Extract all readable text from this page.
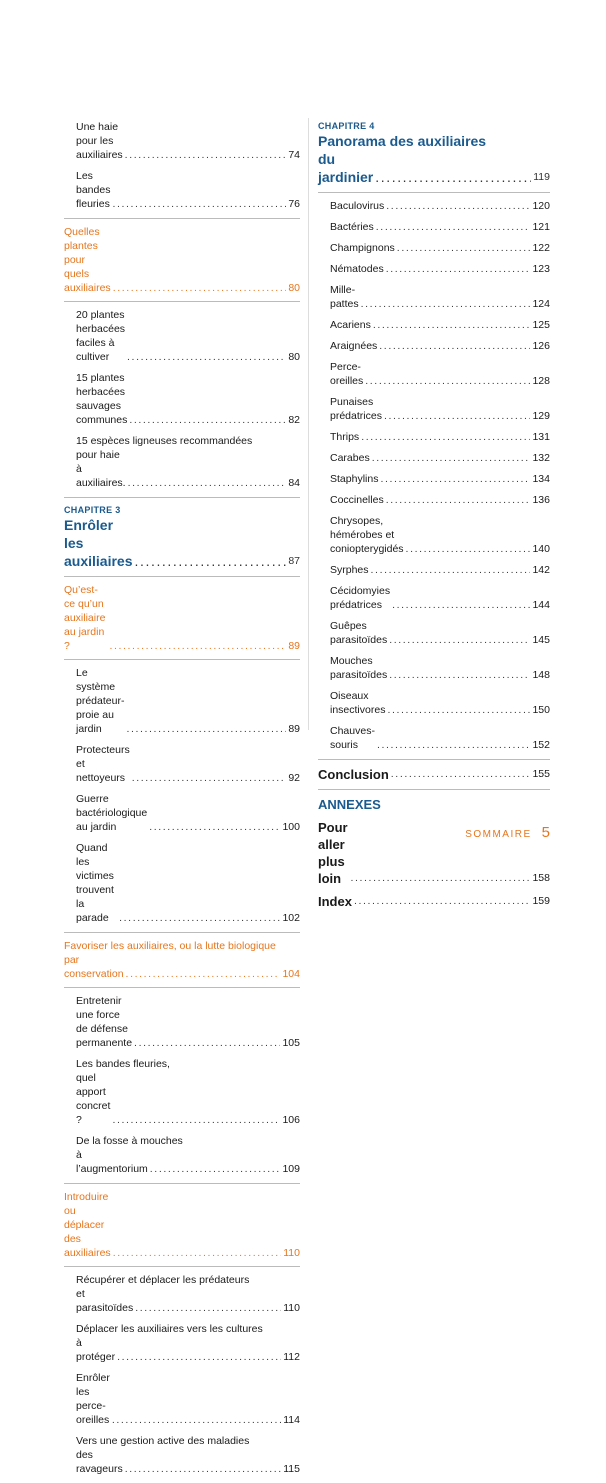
Une haie pour les auxiliaires .....	74
Les bandes fleuries .....	76
Quelles plantes pour quels auxiliaires .....	80
20 plantes herbacées faciles à cultiver .....	80
15 plantes herbacées sauvages communes .....	82
15 espèces ligneuses recommandées
pour haie à auxiliaires. .....	84
CHAPITRE 3
Enrôler les auxiliaires .....	87
Qu’est-ce qu’un auxiliaire au jardin ? .....	89
Le système prédateur-proie au jardin .....	89
Protecteurs et nettoyeurs .....	92
Guerre bactériologique au jardin .....	100
Quand les victimes trouvent la parade .....	102
Favoriser les auxiliaires, ou la lutte biologique
par conservation .....	104
Entretenir une force de défense permanente .....	105
Les bandes fleuries,
quel apport concret ? .....	106
De la fosse à mouches
à l’augmentorium .....	109
Introduire ou déplacer des auxiliaires .....	110
Récupérer et déplacer les prédateurs
et parasitoïdes .....	110
Déplacer les auxiliaires vers les cultures
à protéger .....	112
Enrôler les perce-oreilles .....	114
Vers une gestion active des maladies
des ravageurs .....	115
CHAPITRE 4
Panorama des auxiliaires
du jardinier .....	119
Baculovirus .....	120
Bactéries .....	121
Champignons .....	122
Nématodes .....	123
Mille-pattes .....	124
Acariens .....	125
Araignées .....	126
Perce-oreilles .....	128
Punaises prédatrices .....	129
Thrips .....	131
Carabes .....	132
Staphylins .....	134
Coccinelles .....	136
Chrysopes, hémérobes et coniopterygidés .....	140
Syrphes .....	142
Cécidomyies prédatrices .....	144
Guêpes parasitoïdes .....	145
Mouches parasitoïdes .....	148
Oiseaux insectivores .....	150
Chauves-souris .....	152
Conclusion .....	155
ANNEXES
Pour aller plus loin .....	158
Index .....	159
SOMMAIRE 5
